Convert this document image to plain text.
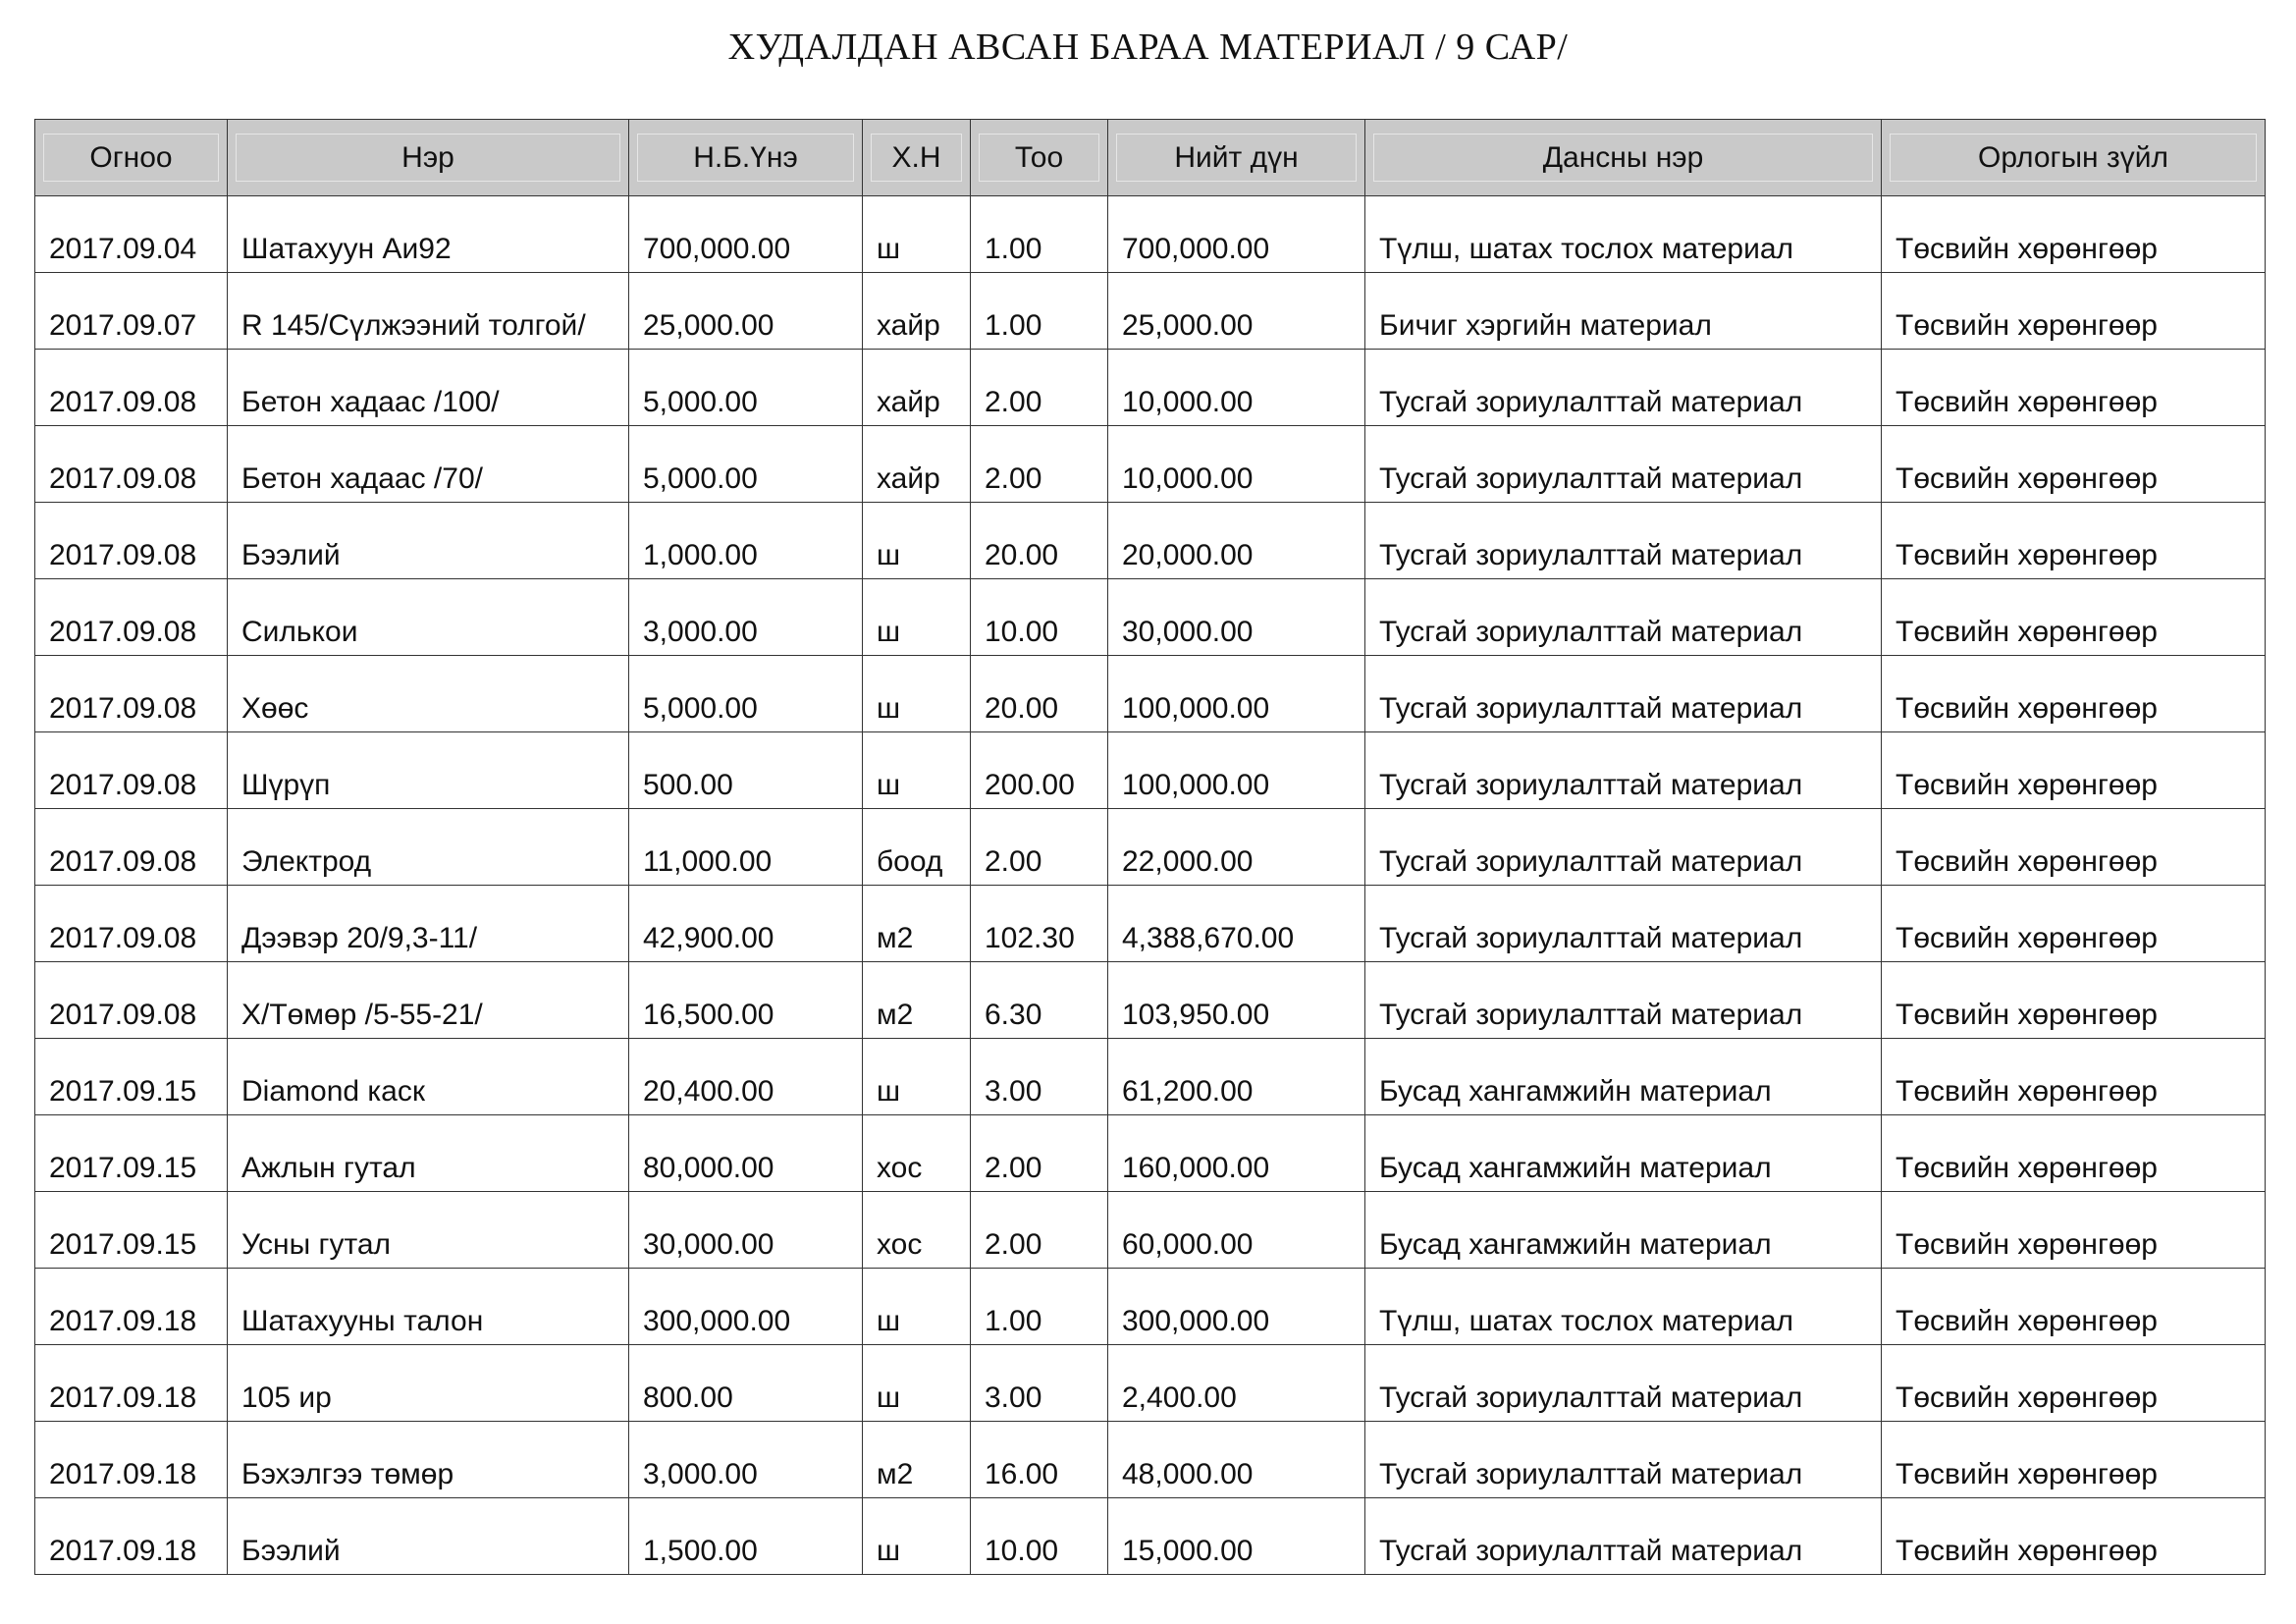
ХУДАЛДАН АВСАН БАРАА МАТЕРИАЛ / 9 САР/
Огноо	Нэр	Н.Б.Үнэ	Х.Н	Тоо	Нийт дүн	Дансны нэр	Орлогын зүйл

2017.09.04	Шатахуун Аи92	700,000.00	ш	1.00	700,000.00	Түлш, шатах тослох материал	Төсвийн хөрөнгөөр
2017.09.07	R 145/Сүлжээний толгой/	25,000.00	хайр	1.00	25,000.00	Бичиг хэргийн материал	Төсвийн хөрөнгөөр
2017.09.08	Бетон хадаас /100/	5,000.00	хайр	2.00	10,000.00	Тусгай зориулалттай материал	Төсвийн хөрөнгөөр
2017.09.08	Бетон хадаас /70/	5,000.00	хайр	2.00	10,000.00	Тусгай зориулалттай материал	Төсвийн хөрөнгөөр
2017.09.08	Бээлий	1,000.00	ш	20.00	20,000.00	Тусгай зориулалттай материал	Төсвийн хөрөнгөөр
2017.09.08	Силькои	3,000.00	ш	10.00	30,000.00	Тусгай зориулалттай материал	Төсвийн хөрөнгөөр
2017.09.08	Хөөс	5,000.00	ш	20.00	100,000.00	Тусгай зориулалттай материал	Төсвийн хөрөнгөөр
2017.09.08	Шүрүп	500.00	ш	200.00	100,000.00	Тусгай зориулалттай материал	Төсвийн хөрөнгөөр
2017.09.08	Электрод	11,000.00	боод	2.00	22,000.00	Тусгай зориулалттай материал	Төсвийн хөрөнгөөр
2017.09.08	Дээвэр 20/9,3-11/	42,900.00	м2	102.30	4,388,670.00	Тусгай зориулалттай материал	Төсвийн хөрөнгөөр
2017.09.08	Х/Төмөр /5-55-21/	16,500.00	м2	6.30	103,950.00	Тусгай зориулалттай материал	Төсвийн хөрөнгөөр
2017.09.15	Diamond каск	20,400.00	ш	3.00	61,200.00	Бусад хангамжийн материал	Төсвийн хөрөнгөөр
2017.09.15	Ажлын гутал	80,000.00	хос	2.00	160,000.00	Бусад хангамжийн материал	Төсвийн хөрөнгөөр
2017.09.15	Усны гутал	30,000.00	хос	2.00	60,000.00	Бусад хангамжийн материал	Төсвийн хөрөнгөөр
2017.09.18	Шатахууны талон	300,000.00	ш	1.00	300,000.00	Түлш, шатах тослох материал	Төсвийн хөрөнгөөр
2017.09.18	105 ир	800.00	ш	3.00	2,400.00	Тусгай зориулалттай материал	Төсвийн хөрөнгөөр
2017.09.18	Бэхэлгээ төмөр	3,000.00	м2	16.00	48,000.00	Тусгай зориулалттай материал	Төсвийн хөрөнгөөр
2017.09.18	Бээлий	1,500.00	ш	10.00	15,000.00	Тусгай зориулалттай материал	Төсвийн хөрөнгөөр
